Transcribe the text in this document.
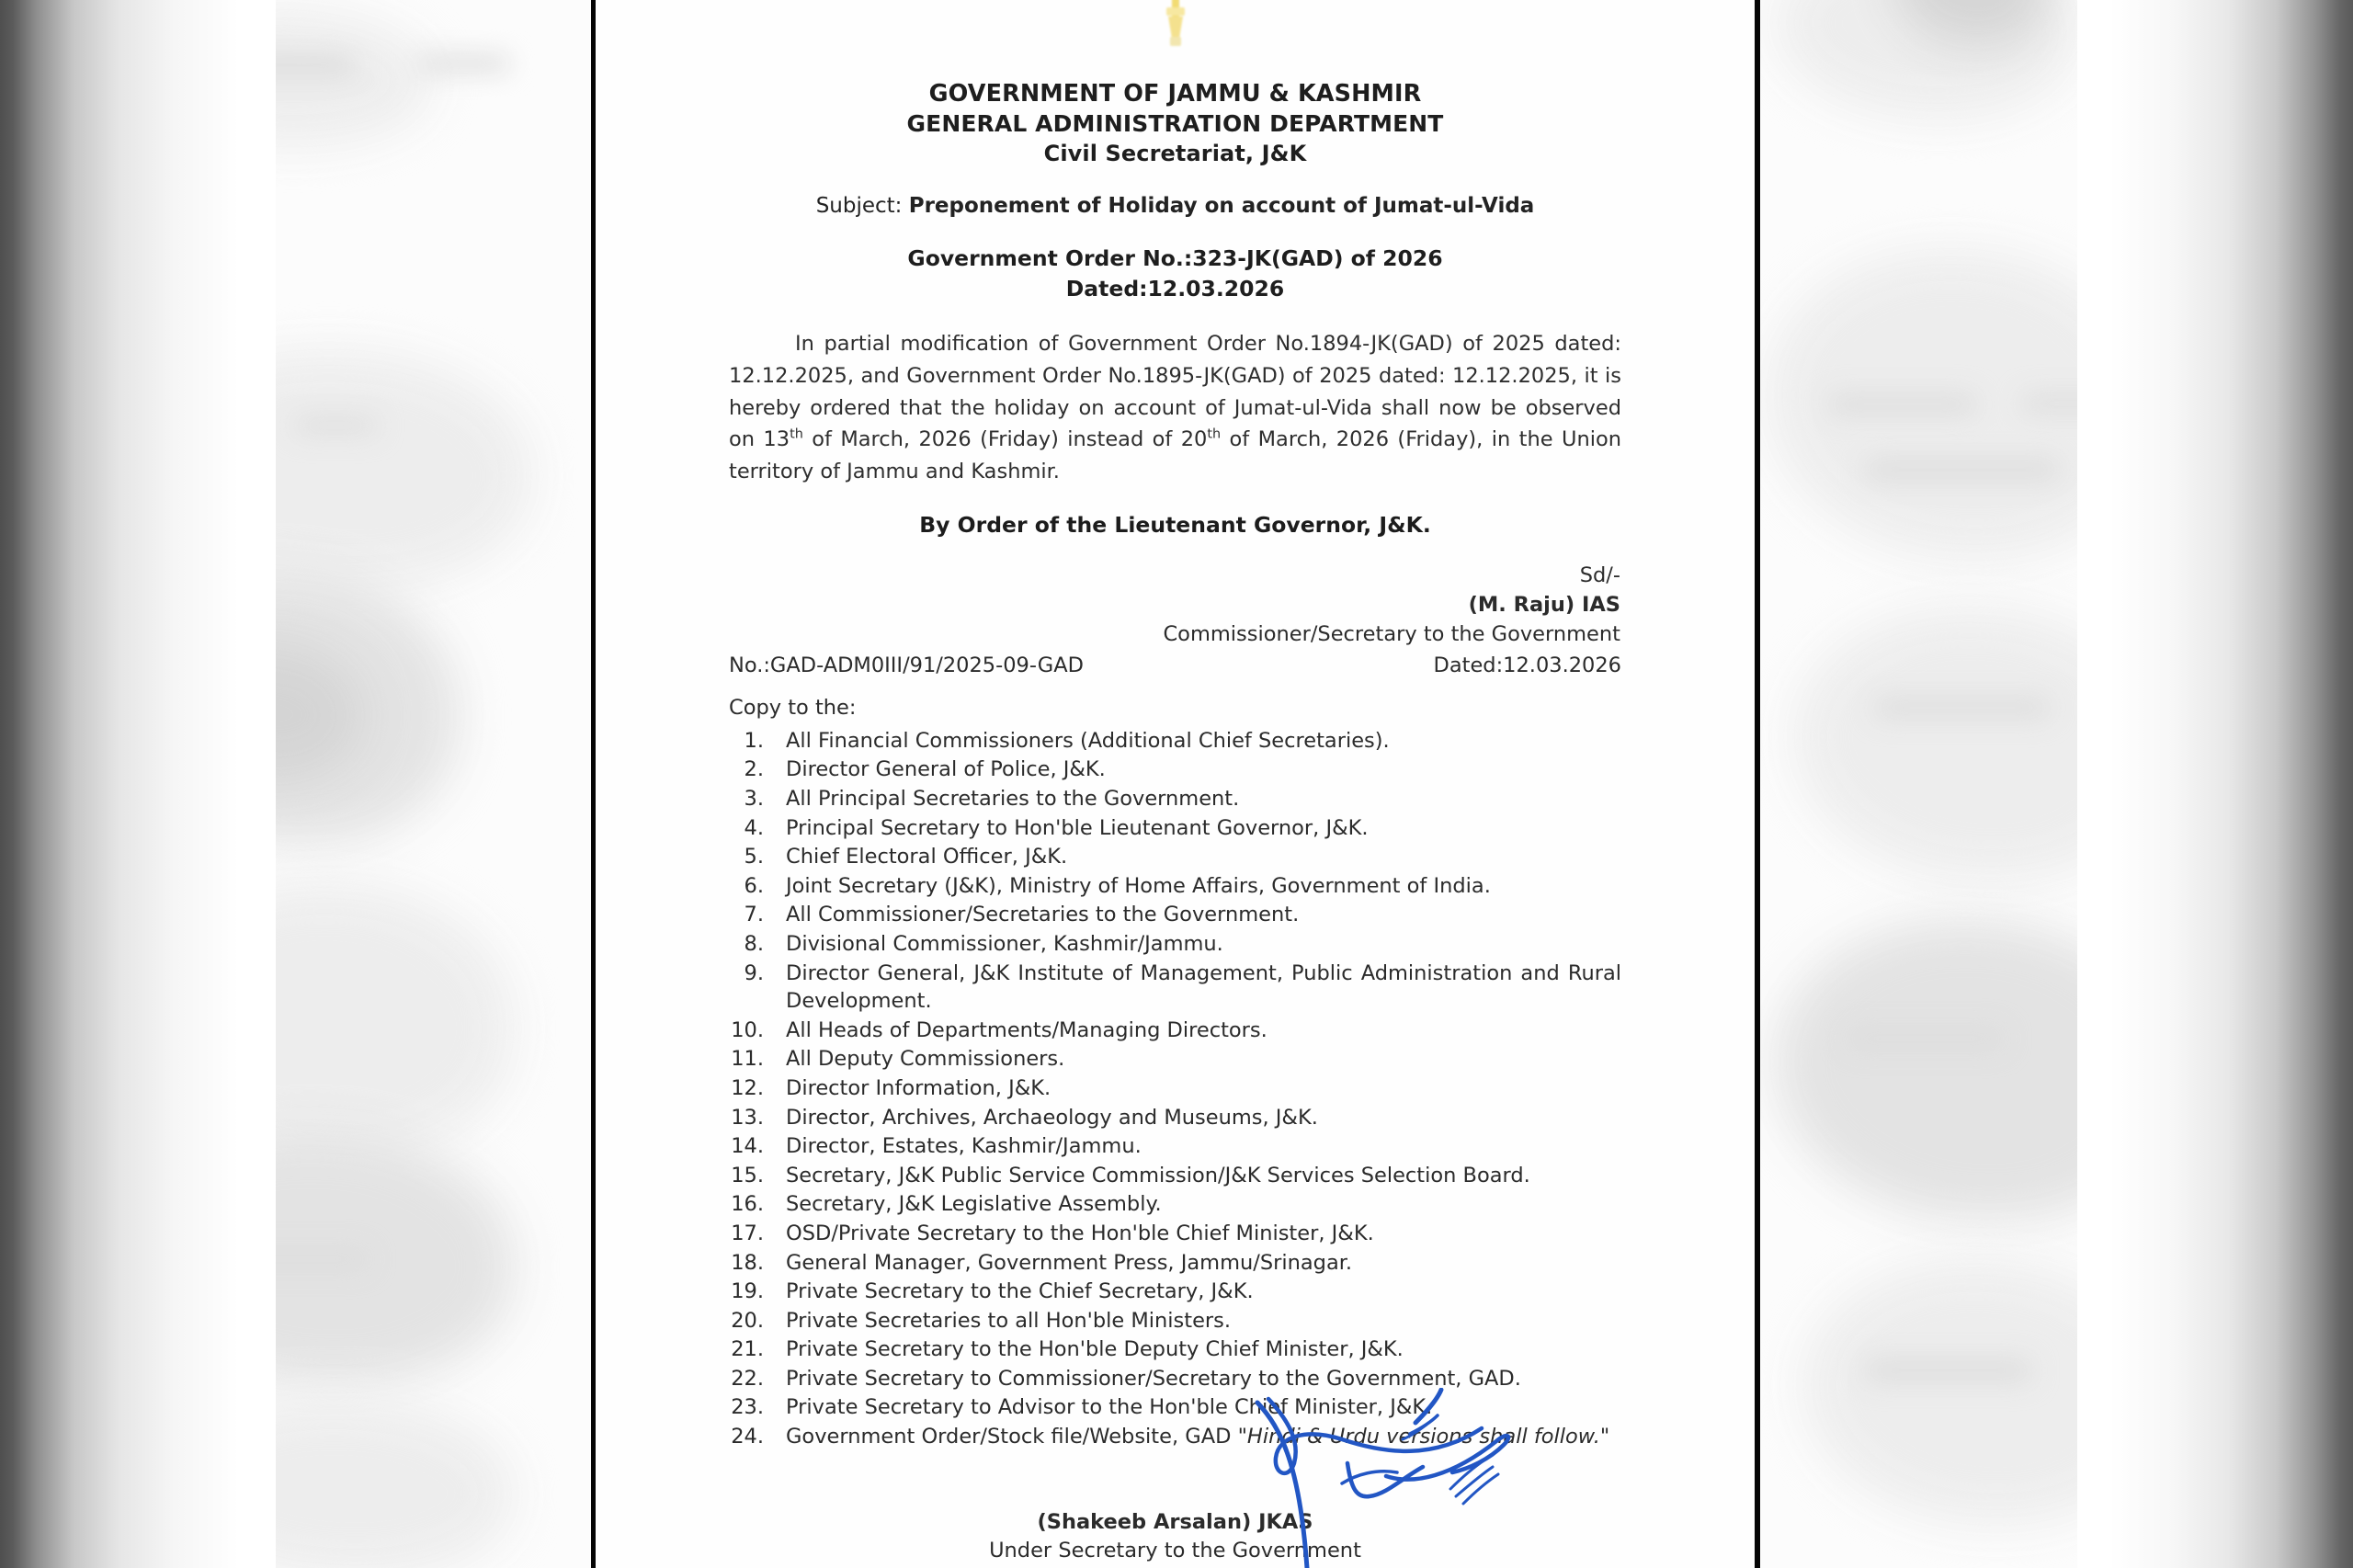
GOVERNMENT OF JAMMU & KASHMIR
GENERAL ADMINISTRATION DEPARTMENT
Civil Secretariat, J&K
Subject: Preponement of Holiday on account of Jumat-ul-Vida
Government Order No.:323-JK(GAD) of 2026
Dated:12.03.2026

In partial modification of Government Order No.1894-JK(GAD) of 2025 dated: 12.12.2025, and Government Order No.1895-JK(GAD) of 2025 dated: 12.12.2025, it is hereby ordered that the holiday on account of Jumat-ul-Vida shall now be observed on 13th of March, 2026 (Friday) instead of 20th of March, 2026 (Friday), in the Union territory of Jammu and Kashmir.

By Order of the Lieutenant Governor, J&K.
Sd/-
(M. Raju) IAS
Commissioner/Secretary to the Government
No.:GAD-ADM0III/91/2025-09-GAD	Dated:12.03.2026
Copy to the:
1.	All Financial Commissioners (Additional Chief Secretaries).
2.	Director General of Police, J&K.
3.	All Principal Secretaries to the Government.
4.	Principal Secretary to Hon'ble Lieutenant Governor, J&K.
5.	Chief Electoral Officer, J&K.
6.	Joint Secretary (J&K), Ministry of Home Affairs, Government of India.
7.	All Commissioner/Secretaries to the Government.
8.	Divisional Commissioner, Kashmir/Jammu.
9.	Director General, J&K Institute of Management, Public Administration and Rural Development.
10.	All Heads of Departments/Managing Directors.
11.	All Deputy Commissioners.
12.	Director Information, J&K.
13.	Director, Archives, Archaeology and Museums, J&K.
14.	Director, Estates, Kashmir/Jammu.
15.	Secretary, J&K Public Service Commission/J&K Services Selection Board.
16.	Secretary, J&K Legislative Assembly.
17.	OSD/Private Secretary to the Hon'ble Chief Minister, J&K.
18.	General Manager, Government Press, Jammu/Srinagar.
19.	Private Secretary to the Chief Secretary, J&K.
20.	Private Secretaries to all Hon'ble Ministers.
21.	Private Secretary to the Hon'ble Deputy Chief Minister, J&K.
22.	Private Secretary to Commissioner/Secretary to the Government, GAD.
23.	Private Secretary to Advisor to the Hon'ble Chief Minister, J&K.
24.	Government Order/Stock file/Website, GAD "Hindi & Urdu versions shall follow."
(Shakeeb Arsalan) JKAS
Under Secretary to the Government
